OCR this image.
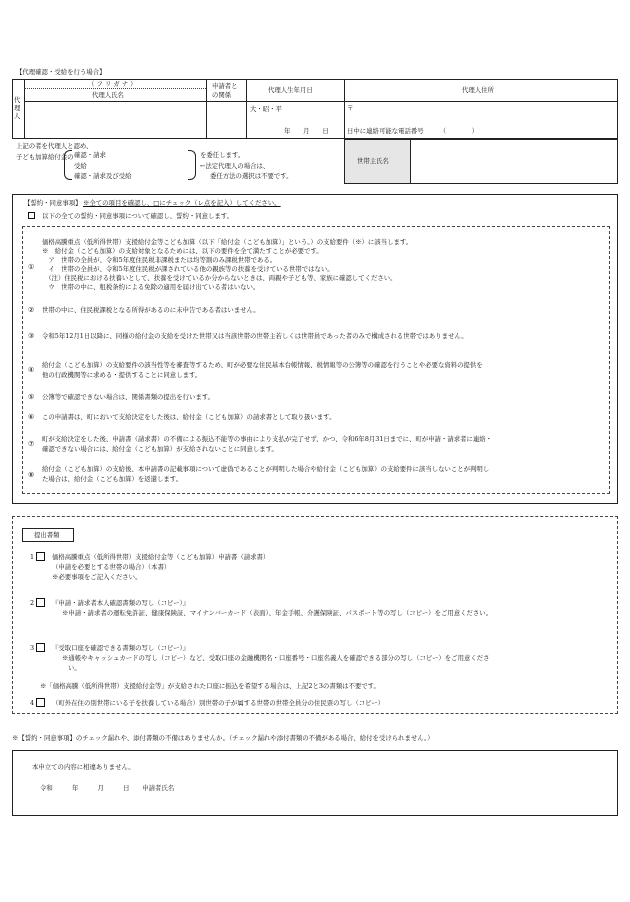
【代理確認・受給を行う場合】
代
理
人
（ フ リ ガ ナ ）
代理人氏名
申請者と
の関係
代理人生年月日	代理人住所
大・昭・平
年　　月　　日
〒
日中に連絡可能な電話番号　　　（　　　　）
上記の者を代理人と認め、
子ども加算給付金の 確認・請求
受給
確認・請求及び受給
を委任します。
←法定代理人の場合は、
委任方法の選択は不要です。
世帯主氏名
【誓約・同意事項】 ※全ての項目を確認し、□にチェック（レ点を記入）してください。
以下の全ての誓約・同意事項について確認し、誓約・同意します。
①
価格高騰重点（低所得世帯）支援給付金等こども加算（以下「給付金（こども加算）」という。）の支給要件（※）に該当します。
※　給付金（こども加算）の支給対象となるためには、以下の要件を全て満たすことが必要です。
　ア　世帯の全員が、令和5年度住民税非課税または均等割のみ課税世帯である。
　イ　世帯の全員が、令和5年度住民税が課されている他の親族等の扶養を受けている世帯ではない。
　（注）住民税における扶養いとして、扶養を受けているか分からないときは、両親や子ども等、家族に確認してください。
　ウ　世帯の中に、租税条約による免除の適用を届け出ている者はいない。
② 世帯の中に、住民税課税となる所得があるのに未申告である者はいません。
③ 令和5年12月1日以降に、同様の給付金の支給を受けた世帯又は当該世帯の世帯主若しくは世帯員であった者のみで構成される世帯ではありません。
④
給付金（こども加算）の支給要件の該当性等を審査等するため、町が必要な住民基本台帳情報、税情報等の公簿等の確認を行うことや必要な資料の提供を
他の行政機関等に求める・提供することに同意します。
⑤ 公簿等で確認できない場合は、関係書類の提出を行います。
⑥ この申請書は、町において支給決定をした後は、給付金（こども加算）の請求書として取り扱います。
⑦
町が支給決定をした後、申請書（請求書）の不備による振込不能等の事由により支払が完了せず、かつ、令和6年8月31日までに、町が申請・請求者に連絡・
確認できない場合には、給付金（こども加算）が支給されないことに同意します。
⑧
給付金（こども加算）の支給後、本申請書の記載事項について虚偽であることが判明した場合や給付金（こども加算）の支給要件に該当しないことが判明し
た場合は、給付金（こども加算）を返還します。
提出書類
1	価格高騰重点（低所得世帯）支援給付金等（こども加算）申請書（請求書）
（申請を必要とする世帯の場合）（本書）
※必要事項をご記入ください。
2	『申請・請求者本人確認書類の写し（コピー）』
※申請・請求者の運転免許証、健康保険証、マイナンバーカード（表面）、年金手帳、介護保険証、パスポート等の写し（コピー）をご用意ください。
3	『受取口座を確認できる書類の写し（コピー）』
※通帳やキャッシュカードの写し（コピー）など、受取口座の金融機関名・口座番号・口座名義人を確認できる部分の写し（コピー）をご用意くださ
い。
※「価格高騰（低所得世帯）支援給付金等」が支給された口座に振込を希望する場合は、上記2と3の書類は不要です。
4	（町外在住の別世帯にいる子を扶養している場合）別世帯の子が属する世帯の世帯全員分の住民票の写し（コピー）
※【誓約・同意事項】のチェック漏れや、添付書類の不備はありませんか。（チェック漏れや添付書類の不備がある場合、給付を受けられません。）
本申立ての内容に相違ありません。
令和　　　年　　　月　　　日　　申請者氏名
